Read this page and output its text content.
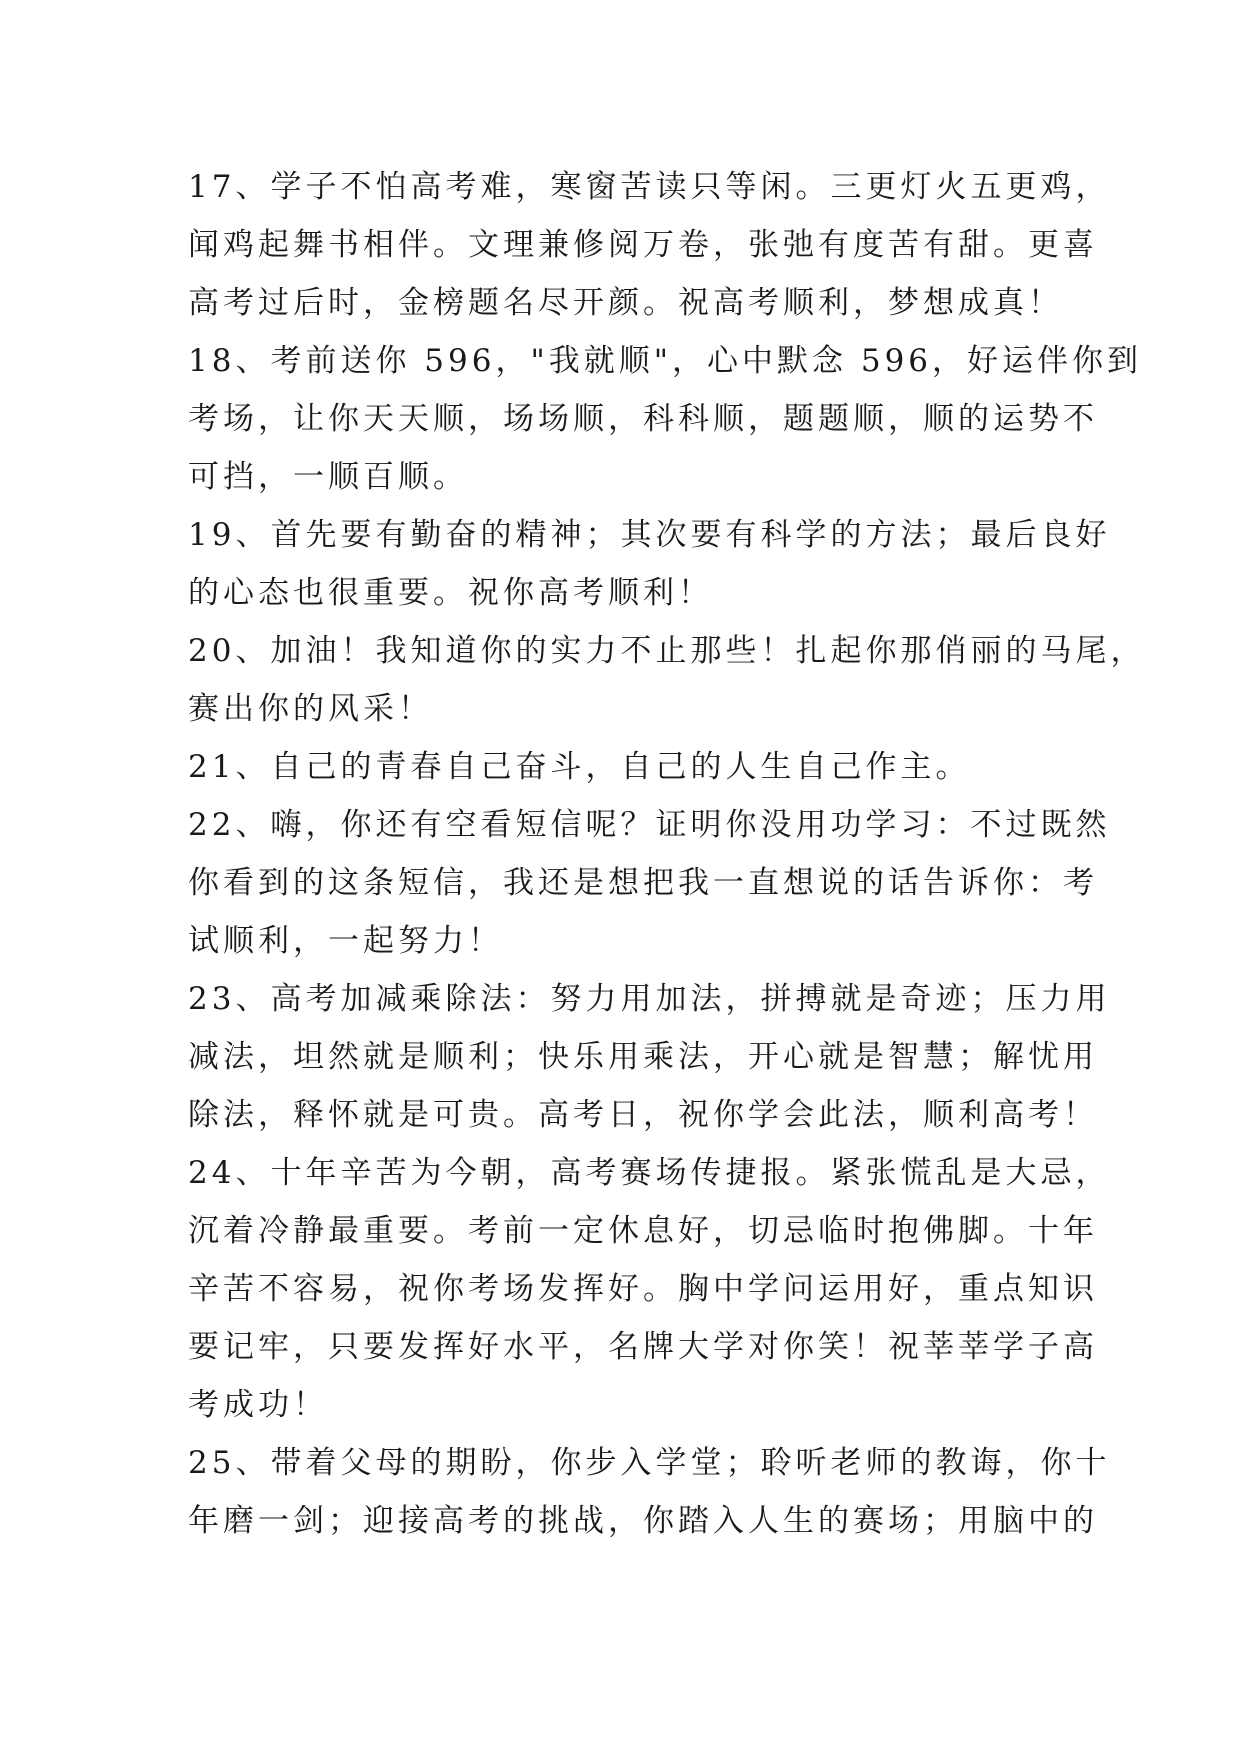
17、学子不怕高考难，寒窗苦读只等闲。三更灯火五更鸡，
闻鸡起舞书相伴。文理兼修阅万卷，张弛有度苦有甜。更喜
高考过后时，金榜题名尽开颜。祝高考顺利，梦想成真！
18、考前送你 596，"我就顺"，心中默念 596，好运伴你到
考场，让你天天顺，场场顺，科科顺，题题顺，顺的运势不
可挡，一顺百顺。
19、首先要有勤奋的精神；其次要有科学的方法；最后良好
的心态也很重要。祝你高考顺利！
20、加油！我知道你的实力不止那些！扎起你那俏丽的马尾，
赛出你的风采！
21、自己的青春自己奋斗，自己的人生自己作主。
22、嗨，你还有空看短信呢？证明你没用功学习：不过既然
你看到的这条短信，我还是想把我一直想说的话告诉你：考
试顺利，一起努力！
23、高考加减乘除法：努力用加法，拼搏就是奇迹；压力用
减法，坦然就是顺利；快乐用乘法，开心就是智慧；解忧用
除法，释怀就是可贵。高考日，祝你学会此法，顺利高考！
24、十年辛苦为今朝，高考赛场传捷报。紧张慌乱是大忌，
沉着冷静最重要。考前一定休息好，切忌临时抱佛脚。十年
辛苦不容易，祝你考场发挥好。胸中学问运用好，重点知识
要记牢，只要发挥好水平，名牌大学对你笑！祝莘莘学子高
考成功！
25、带着父母的期盼，你步入学堂；聆听老师的教诲，你十
年磨一剑；迎接高考的挑战，你踏入人生的赛场；用脑中的
